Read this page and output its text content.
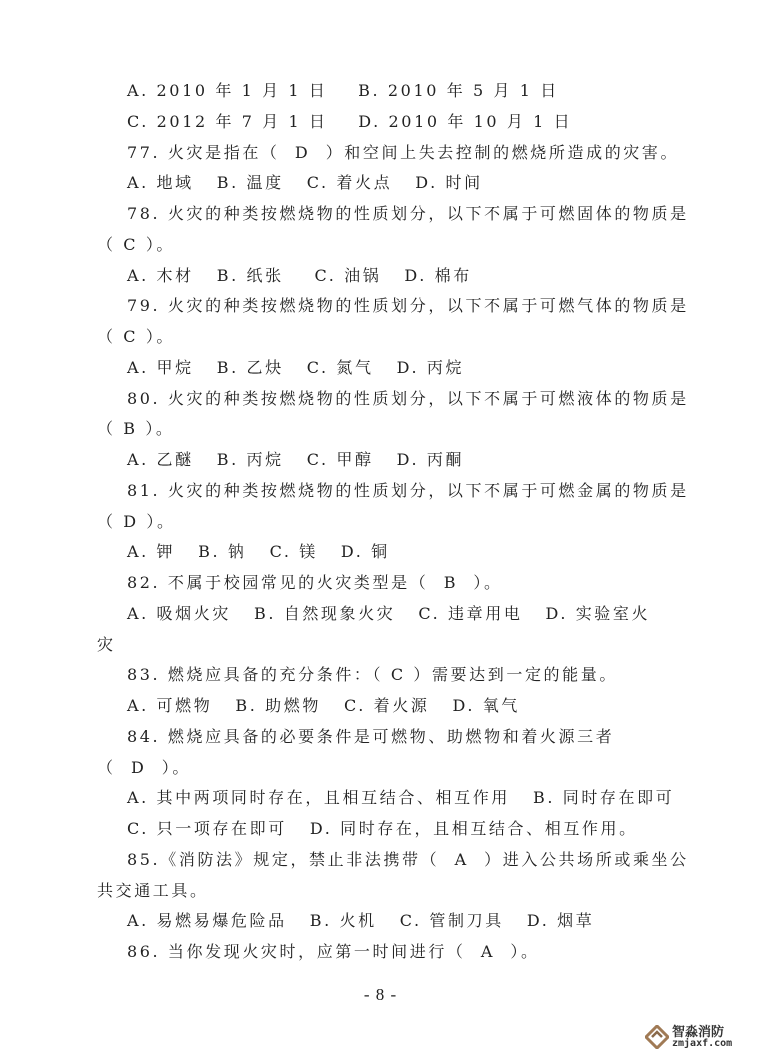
A. 2010 年 1 月 1 日    B. 2010 年 5 月 1 日
C. 2012 年 7 月 1 日    D. 2010 年 10 月 1 日
77. 火灾是指在（  D  ）和空间上失去控制的燃烧所造成的灾害。
A. 地域   B. 温度   C. 着火点   D. 时间
78. 火灾的种类按燃烧物的性质划分，以下不属于可燃固体的物质是
（ C ）。
A. 木材   B. 纸张    C. 油锅   D. 棉布
79. 火灾的种类按燃烧物的性质划分，以下不属于可燃气体的物质是
（ C ）。
A. 甲烷   B. 乙炔   C. 氮气   D. 丙烷
80. 火灾的种类按燃烧物的性质划分，以下不属于可燃液体的物质是
（ B ）。
A. 乙醚   B. 丙烷   C. 甲醇   D. 丙酮
81. 火灾的种类按燃烧物的性质划分，以下不属于可燃金属的物质是
（ D ）。
A. 钾   B. 钠   C. 镁   D. 铜
82. 不属于校园常见的火灾类型是（  B  ）。
A. 吸烟火灾   B. 自然现象火灾   C. 违章用电   D. 实验室火
灾
83. 燃烧应具备的充分条件：（ C ）需要达到一定的能量。
A. 可燃物   B. 助燃物   C. 着火源   D. 氧气
84. 燃烧应具备的必要条件是可燃物、助燃物和着火源三者
（  D  ）。
A. 其中两项同时存在，且相互结合、相互作用   B. 同时存在即可
C. 只一项存在即可   D. 同时存在，且相互结合、相互作用。
85.《消防法》规定，禁止非法携带（  A  ）进入公共场所或乘坐公
共交通工具。
A. 易燃易爆危险品   B. 火机   C. 管制刀具   D. 烟草
86. 当你发现火灾时，应第一时间进行（  A  ）。
- 8 -
智淼消防
zmjaxf.com
